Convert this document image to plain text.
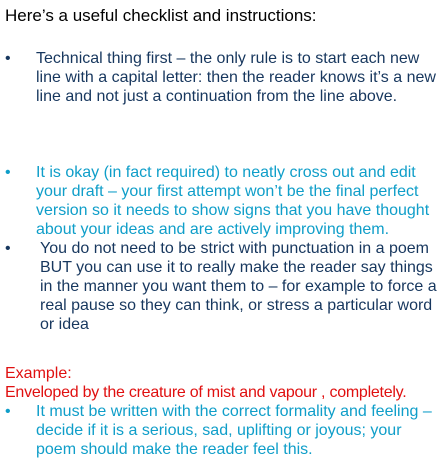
Here’s a useful checklist and instructions:
•	Technical thing first – the only rule is to start each new line with a capital letter: then the reader knows it’s a new line and not just a continuation from the line above.
•	It is okay (in fact required) to neatly cross out and edit your draft – your first attempt won’t be the final perfect version so it needs to show signs that you have thought about your ideas and are actively improving them.
•	You do not need to be strict with punctuation in a poem BUT you can use it to really make the reader say things in the manner you want them to – for example to force a real pause so they can think, or stress a particular word or idea

Example:

Enveloped by the creature of mist and vapour , completely.

•	It must be written with the correct formality and feeling – decide if it is a serious, sad, uplifting or joyous; your poem should make the reader feel this.
